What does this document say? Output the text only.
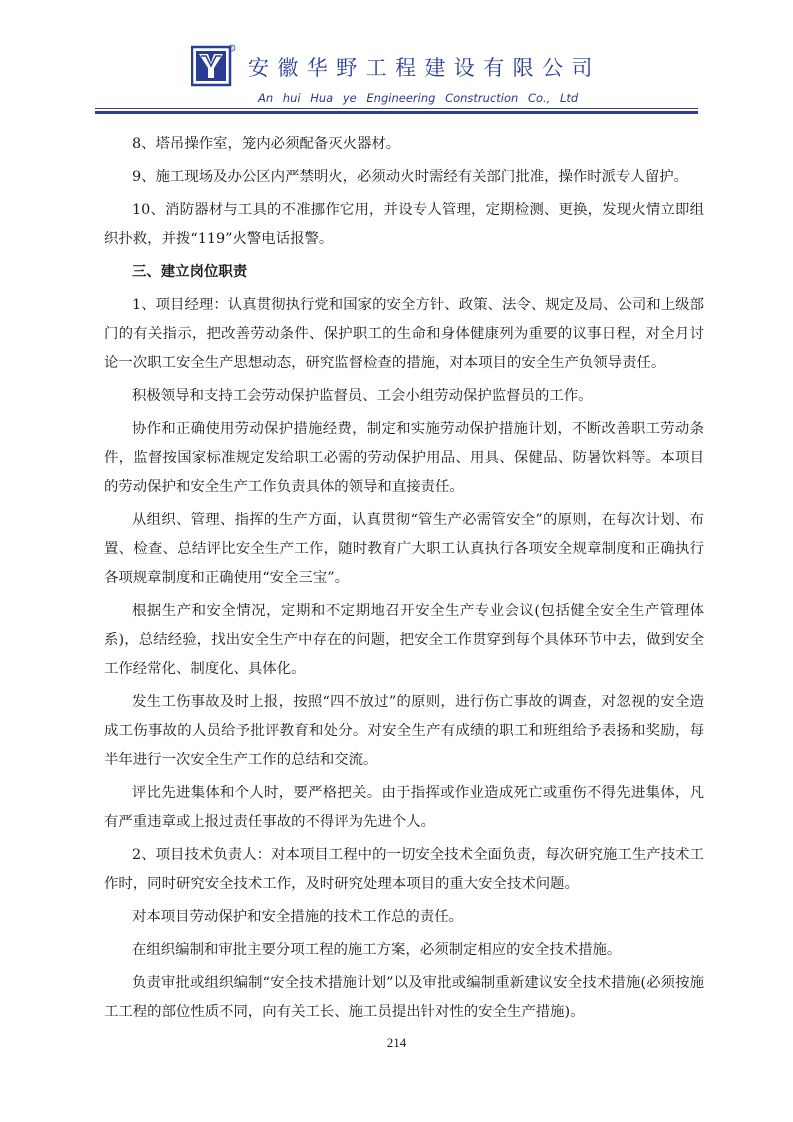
R
安徽华野工程建设有限公司
An hui Hua ye Engineering Construction Co., Ltd

8、塔吊操作室，笼内必须配备灭火器材。

9、施工现场及办公区内严禁明火，必须动火时需经有关部门批准，操作时派专人留护。

10、消防器材与工具的不准挪作它用，并设专人管理，定期检测、更换，发现火情立即组织扑救，并拨“119”火警电话报警。

三、建立岗位职责

1、项目经理：认真贯彻执行党和国家的安全方针、政策、法令、规定及局、公司和上级部门的有关指示，把改善劳动条件、保护职工的生命和身体健康列为重要的议事日程，对全月讨论一次职工安全生产思想动态，研究监督检查的措施，对本项目的安全生产负领导责任。

积极领导和支持工会劳动保护监督员、工会小组劳动保护监督员的工作。

协作和正确使用劳动保护措施经费，制定和实施劳动保护措施计划，不断改善职工劳动条件，监督按国家标准规定发给职工必需的劳动保护用品、用具、保健品、防暑饮料等。本项目的劳动保护和安全生产工作负责具体的领导和直接责任。

从组织、管理、指挥的生产方面，认真贯彻“管生产必需管安全”的原则，在每次计划、布置、检查、总结评比安全生产工作，随时教育广大职工认真执行各项安全规章制度和正确执行各项规章制度和正确使用“安全三宝”。

根据生产和安全情况，定期和不定期地召开安全生产专业会议(包括健全安全生产管理体系)，总结经验，找出安全生产中存在的问题，把安全工作贯穿到每个具体环节中去，做到安全工作经常化、制度化、具体化。

发生工伤事故及时上报，按照“四不放过”的原则，进行伤亡事故的调查，对忽视的安全造成工伤事故的人员给予批评教育和处分。对安全生产有成绩的职工和班组给予表扬和奖励，每半年进行一次安全生产工作的总结和交流。

评比先进集体和个人时，要严格把关。由于指挥或作业造成死亡或重伤不得先进集体，凡有严重违章或上报过责任事故的不得评为先进个人。

2、项目技术负责人：对本项目工程中的一切安全技术全面负责，每次研究施工生产技术工作时，同时研究安全技术工作，及时研究处理本项目的重大安全技术问题。

对本项目劳动保护和安全措施的技术工作总的责任。

在组织编制和审批主要分项工程的施工方案，必须制定相应的安全技术措施。

负责审批或组织编制“安全技术措施计划”以及审批或编制重新建议安全技术措施(必须按施工工程的部位性质不同，向有关工长、施工员提出针对性的安全生产措施)。

214
